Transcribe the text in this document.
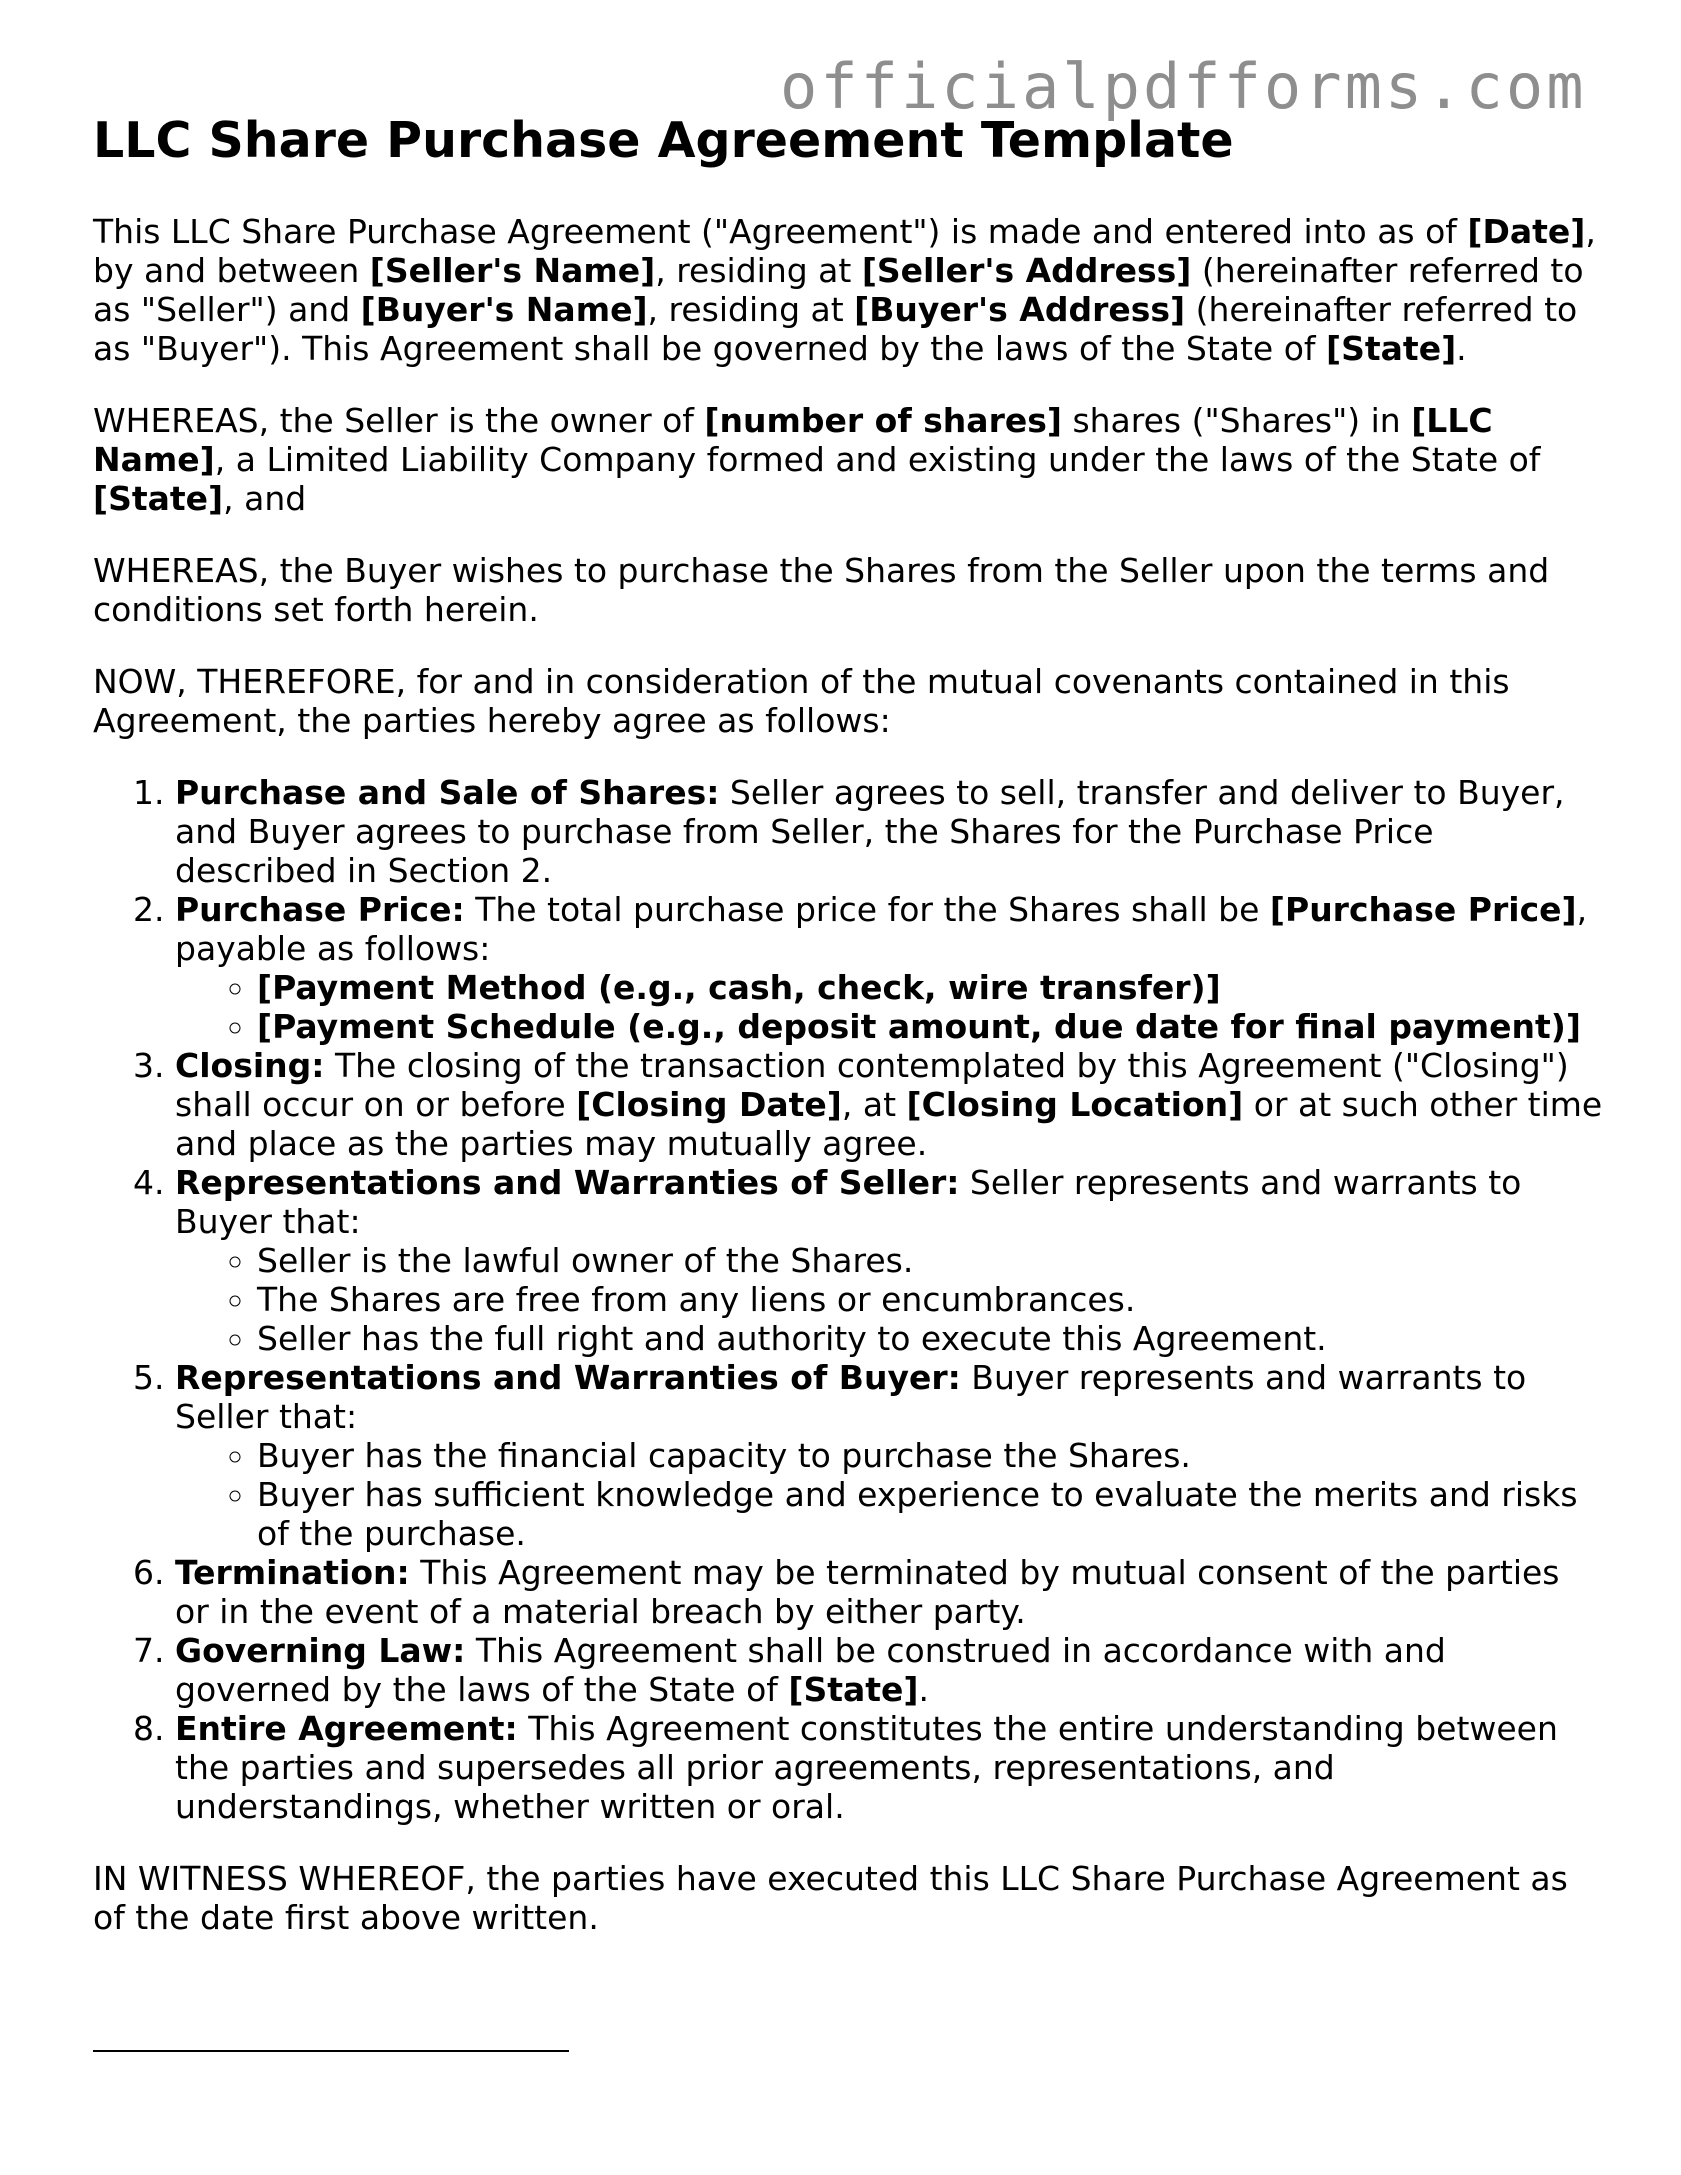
officialpdfforms.com
LLC Share Purchase Agreement Template

This LLC Share Purchase Agreement ("Agreement") is made and entered into as of [Date], by and between [Seller's Name], residing at [Seller's Address] (hereinafter referred to as "Seller") and [Buyer's Name], residing at [Buyer's Address] (hereinafter referred to as "Buyer"). This Agreement shall be governed by the laws of the State of [State].

WHEREAS, the Seller is the owner of [number of shares] shares ("Shares") in [LLC Name], a Limited Liability Company formed and existing under the laws of the State of [State], and

WHEREAS, the Buyer wishes to purchase the Shares from the Seller upon the terms and conditions set forth herein.

NOW, THEREFORE, for and in consideration of the mutual covenants contained in this Agreement, the parties hereby agree as follows:

1. Purchase and Sale of Shares: Seller agrees to sell, transfer and deliver to Buyer, and Buyer agrees to purchase from Seller, the Shares for the Purchase Price described in Section 2.
2. Purchase Price: The total purchase price for the Shares shall be [Purchase Price], payable as follows:
◦ [Payment Method (e.g., cash, check, wire transfer)]
◦ [Payment Schedule (e.g., deposit amount, due date for final payment)]
3. Closing: The closing of the transaction contemplated by this Agreement ("Closing") shall occur on or before [Closing Date], at [Closing Location] or at such other time and place as the parties may mutually agree.
4. Representations and Warranties of Seller: Seller represents and warrants to Buyer that:
◦ Seller is the lawful owner of the Shares.
◦ The Shares are free from any liens or encumbrances.
◦ Seller has the full right and authority to execute this Agreement.
5. Representations and Warranties of Buyer: Buyer represents and warrants to Seller that:
◦ Buyer has the financial capacity to purchase the Shares.
◦ Buyer has sufficient knowledge and experience to evaluate the merits and risks of the purchase.
6. Termination: This Agreement may be terminated by mutual consent of the parties or in the event of a material breach by either party.
7. Governing Law: This Agreement shall be construed in accordance with and governed by the laws of the State of [State].
8. Entire Agreement: This Agreement constitutes the entire understanding between the parties and supersedes all prior agreements, representations, and understandings, whether written or oral.

IN WITNESS WHEREOF, the parties have executed this LLC Share Purchase Agreement as of the date first above written.
